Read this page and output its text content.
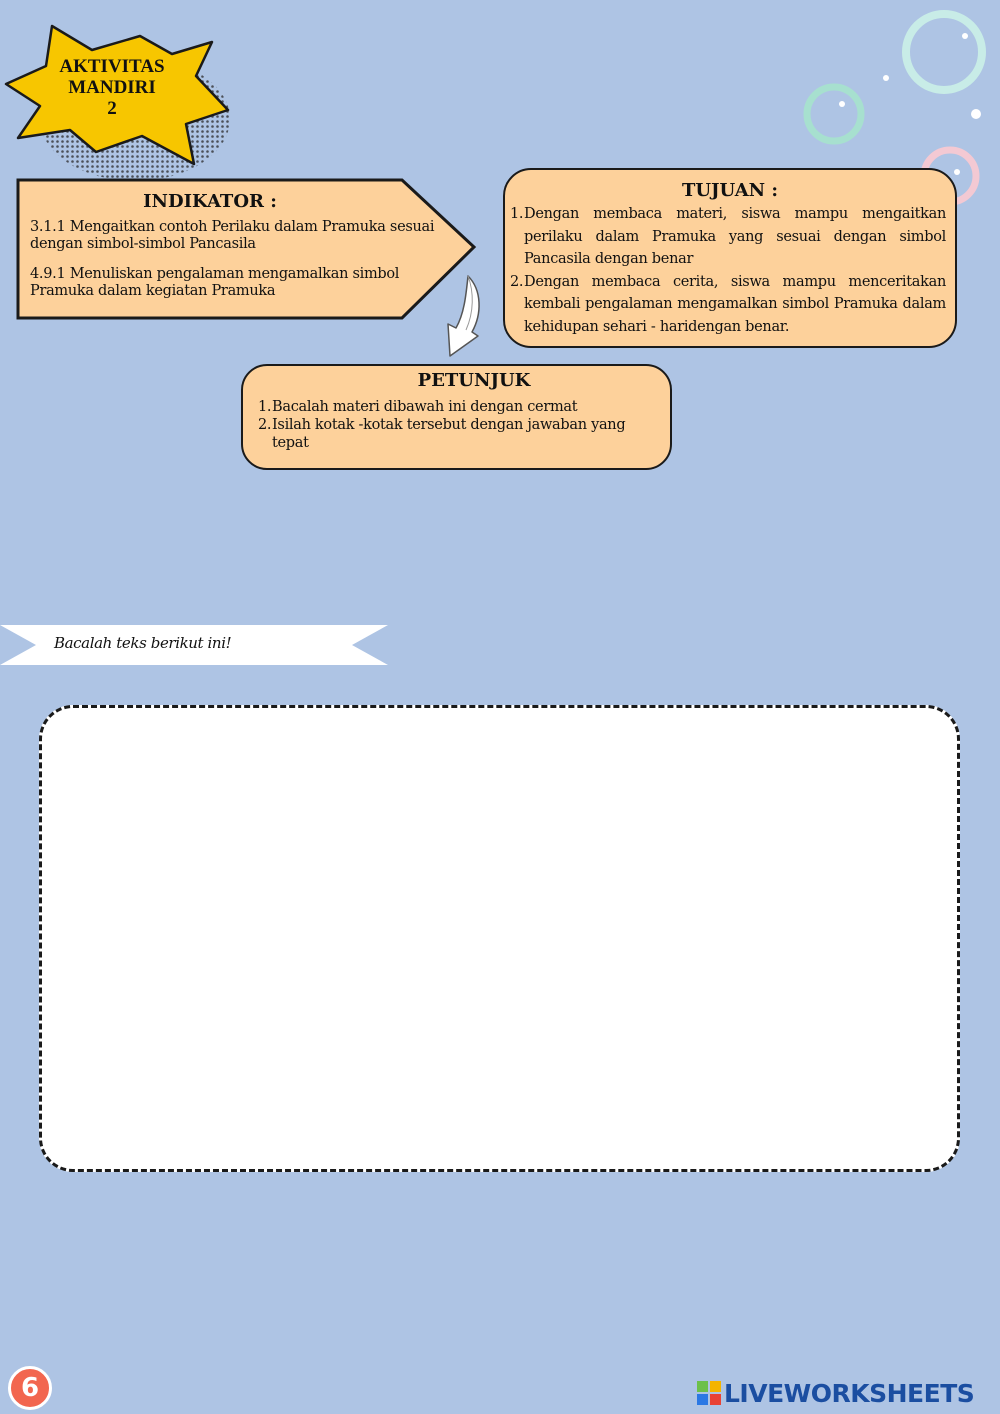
AKTIVITAS
MANDIRI
2
INDIKATOR :
3.1.1 Mengaitkan contoh Perilaku dalam Pramuka sesuai dengan simbol-simbol Pancasila
4.9.1 Menuliskan pengalaman mengamalkan simbol Pramuka dalam kegiatan Pramuka
TUJUAN :
1. Dengan membaca materi, siswa mampu mengaitkan perilaku dalam Pramuka yang sesuai dengan simbol Pancasila dengan benar
2. Dengan membaca cerita, siswa mampu menceritakan kembali pengalaman mengamalkan simbol Pramuka dalam kehidupan sehari - haridengan benar.
PETUNJUK
1. Bacalah materi dibawah ini dengan cermat
2. Isilah kotak -kotak tersebut dengan jawaban yang tepat
Bacalah teks berikut ini!
6	LIVEWORKSHEETS
